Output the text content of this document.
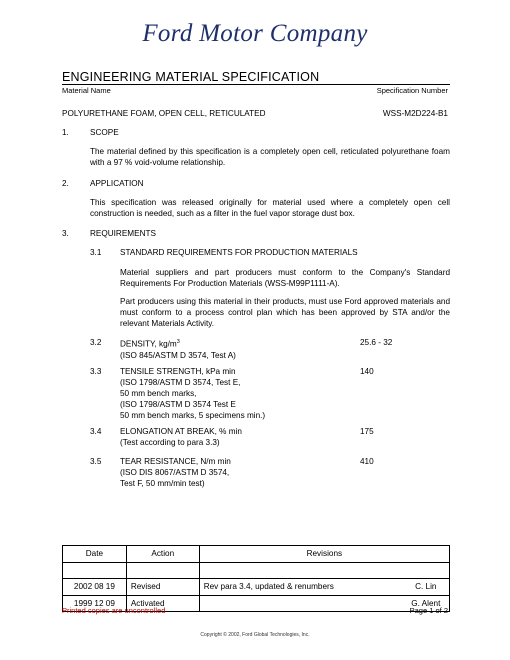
Ford Motor Company
ENGINEERING MATERIAL SPECIFICATION
Material Name	Specification Number
POLYURETHANE FOAM, OPEN CELL, RETICULATED	WSS-M2D224-B1
1.	SCOPE
The material defined by this specification is a completely open cell, reticulated polyurethane foam with a 97 % void-volume relationship.
2.	APPLICATION
This specification was released originally for material used where a completely open cell construction is needed, such as a filter in the fuel vapor storage dust box.
3.	REQUIREMENTS
3.1 STANDARD REQUIREMENTS FOR PRODUCTION MATERIALS
Material suppliers and part producers must conform to the Company's Standard Requirements For Production Materials (WSS-M99P1111-A).
Part producers using this material in their products, must use Ford approved materials and must conform to a process control plan which has been approved by STA and/or the relevant Materials Activity.
3.2 DENSITY, $kg/m^3$
(ISO 845/ASTM D 3574, Test A)
25.6 - 32
3.3 TENSILE STRENGTH, kPa min
(ISO 1798/ASTM D 3574, Test E,
50 mm bench marks,
(ISO 1798/ASTM D 3574 Test E
50 mm bench marks, 5 specimens min.)
140
3.4 ELONGATION AT BREAK, % min
(Test according to para 3.3)
175
3.5 TEAR RESISTANCE, N/m min
(ISO DIS 8067/ASTM D 3574,
Test F, 50 mm/min test)
410
Date	Action	Revisions	

2002 08 19	Revised	Rev para 3.4, updated & renumbers	C. Lin
1999 12 09	Activated		G. Alent
Printed copies are uncontrolled	Page 1 of 2
Copyright © 2002, Ford Global Technologies, Inc.
